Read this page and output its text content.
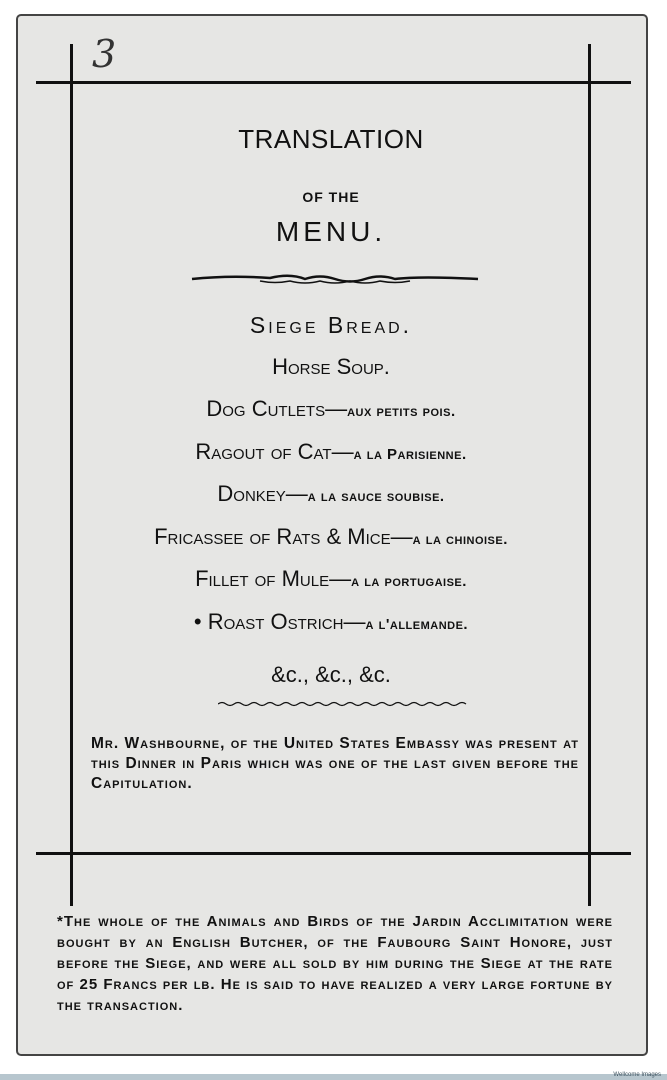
3
TRANSLATION
OF THE
MENU.
Siege Bread.
Horse Soup.
Dog Cutlets—aux petits pois.
Ragout of Cat—a la Parisienne.
Donkey—a la sauce soubise.
Fricassee of Rats & Mice—a la chinoise.
Fillet of Mule—a la portugaise.
• Roast Ostrich—a l'allemande.
&c., &c., &c.
Mr. Washbourne, of the United States Embassy was present at this Dinner in Paris which was one of the last given before the Capitulation.
*The whole of the Animals and Birds of the Jardin Acclimitation were bought by an English Butcher, of the Faubourg Saint Honore, just before the Siege, and were all sold by him during the Siege at the rate of 25 Francs per lb. He is said to have realized a very large fortune by the transaction.
Wellcome Images
